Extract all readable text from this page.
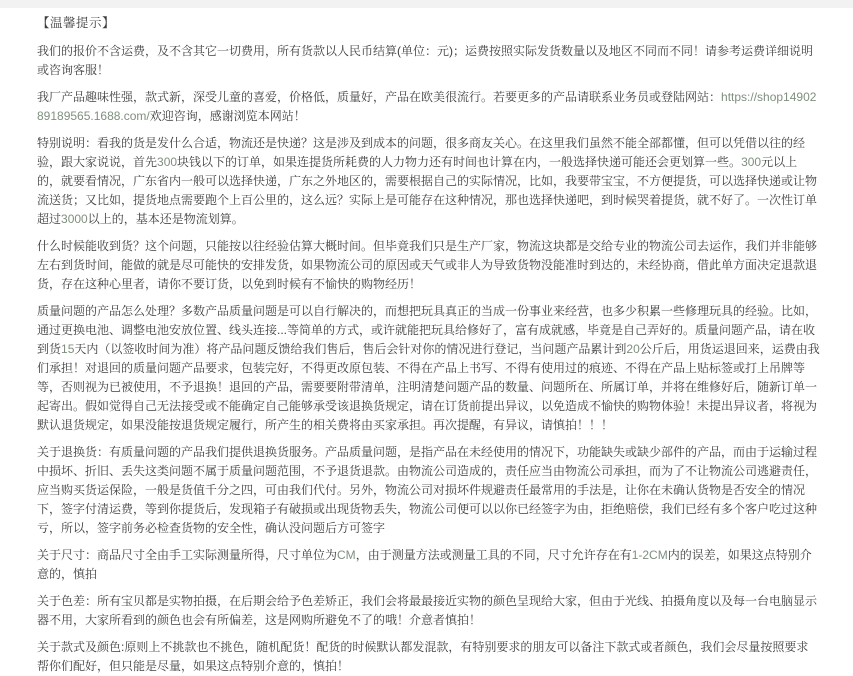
【温馨提示】

我们的报价不含运费，及不含其它一切费用，所有货款以人民币结算(单位：元)；运费按照实际发货数量以及地区不同而不同！请参考运费详细说明或咨询客服！

我厂产品趣味性强，款式新，深受儿童的喜爱，价格低，质量好，产品在欧美很流行。若要更多的产品请联系业务员或登陆网站：https://shop1490289189565.1688.com/欢迎咨询，感谢浏览本网站！

特别说明：看我的货是发什么合适，物流还是快递？这是涉及到成本的问题，很多商友关心。在这里我们虽然不能全部都懂，但可以凭借以往的经验，跟大家说说，首先300块钱以下的订单，如果连提货所耗费的人力物力还有时间也计算在内，一般选择快递可能还会更划算一些。300元以上的，就要看情况，广东省内一般可以选择快递，广东之外地区的，需要根据自己的实际情况，比如，我要带宝宝，不方便提货，可以选择快递或让物流送货；又比如，提货地点需要跑个上百公里的，这么远？实际上是可能存在这种情况，那也选择快递吧，到时候哭着提货，就不好了。一次性订单超过3000以上的，基本还是物流划算。

什么时候能收到货？这个问题，只能按以往经验估算大概时间。但毕竟我们只是生产厂家，物流这块都是交给专业的物流公司去运作，我们并非能够左右到货时间，能做的就是尽可能快的安排发货，如果物流公司的原因或天气或非人为导致货物没能准时到达的，未经协商，借此单方面决定退款退货，存在这种心里者，请你不要订货，以免到时候有不愉快的购物经历！

质量问题的产品怎么处理？多数产品质量问题是可以自行解决的，而想把玩具真正的当成一份事业来经营，也多少积累一些修理玩具的经验。比如，通过更换电池、调整电池安放位置、线头连接...等简单的方式，或许就能把玩具给修好了，富有成就感，毕竟是自己弄好的。质量问题产品，请在收到货15天内（以签收时间为准）将产品问题反馈给我们售后，售后会针对你的情况进行登记，当问题产品累计到20公斤后，用货运退回来，运费由我们承担！对退回的质量问题产品要求，包装完好，不得更改原包装、不得在产品上书写、不得有使用过的痕迹、不得在产品上贴标签或打上吊牌等等，否则视为已被使用，不予退换！退回的产品，需要要附带清单，注明清楚问题产品的数量、问题所在、所属订单，并将在维修好后，随新订单一起寄出。假如觉得自己无法接受或不能确定自己能够承受该退换货规定，请在订货前提出异议，以免造成不愉快的购物体验！未提出异议者，将视为默认退货规定，如果没能按退货规定履行，所产生的相关费将由买家承担。再次提醒，有异议，请慎拍！！！

关于退换货：有质量问题的产品我们提供退换货服务。产品质量问题，是指产品在未经使用的情况下，功能缺失或缺少部件的产品，而由于运输过程中损坏、折旧、丢失这类问题不属于质量问题范围，不予退货退款。由物流公司造成的，责任应当由物流公司承担，而为了不让物流公司逃避责任，应当购买货运保险，一般是货值千分之四，可由我们代付。另外，物流公司对损坏件规避责任最常用的手法是，让你在未确认货物是否安全的情况下，签字付清运费，等到你提货后，发现箱子有破损或出现货物丢失，物流公司便可以以你已经签字为由，拒绝赔偿，我们已经有多个客户吃过这种亏，所以，签字前务必检查货物的安全性，确认没问题后方可签字

关于尺寸：商品尺寸全由手工实际测量所得，尺寸单位为CM，由于测量方法或测量工具的不同，尺寸允许存在有1-2CM内的误差，如果这点特别介意的，慎拍

关于色差：所有宝贝都是实物拍摄，在后期会给予色差矫正，我们会将最最接近实物的颜色呈现给大家，但由于光线、拍摄角度以及每一台电脑显示器不用，大家所看到的颜色也会有所偏差，这是网购所避免不了的哦！介意者慎拍！

关于款式及颜色:原则上不挑款也不挑色，随机配货！配货的时候默认都发混款，有特别要求的朋友可以备注下款式或者颜色，我们会尽量按照要求帮你们配好，但只能是尽量，如果这点特别介意的，慎拍！
